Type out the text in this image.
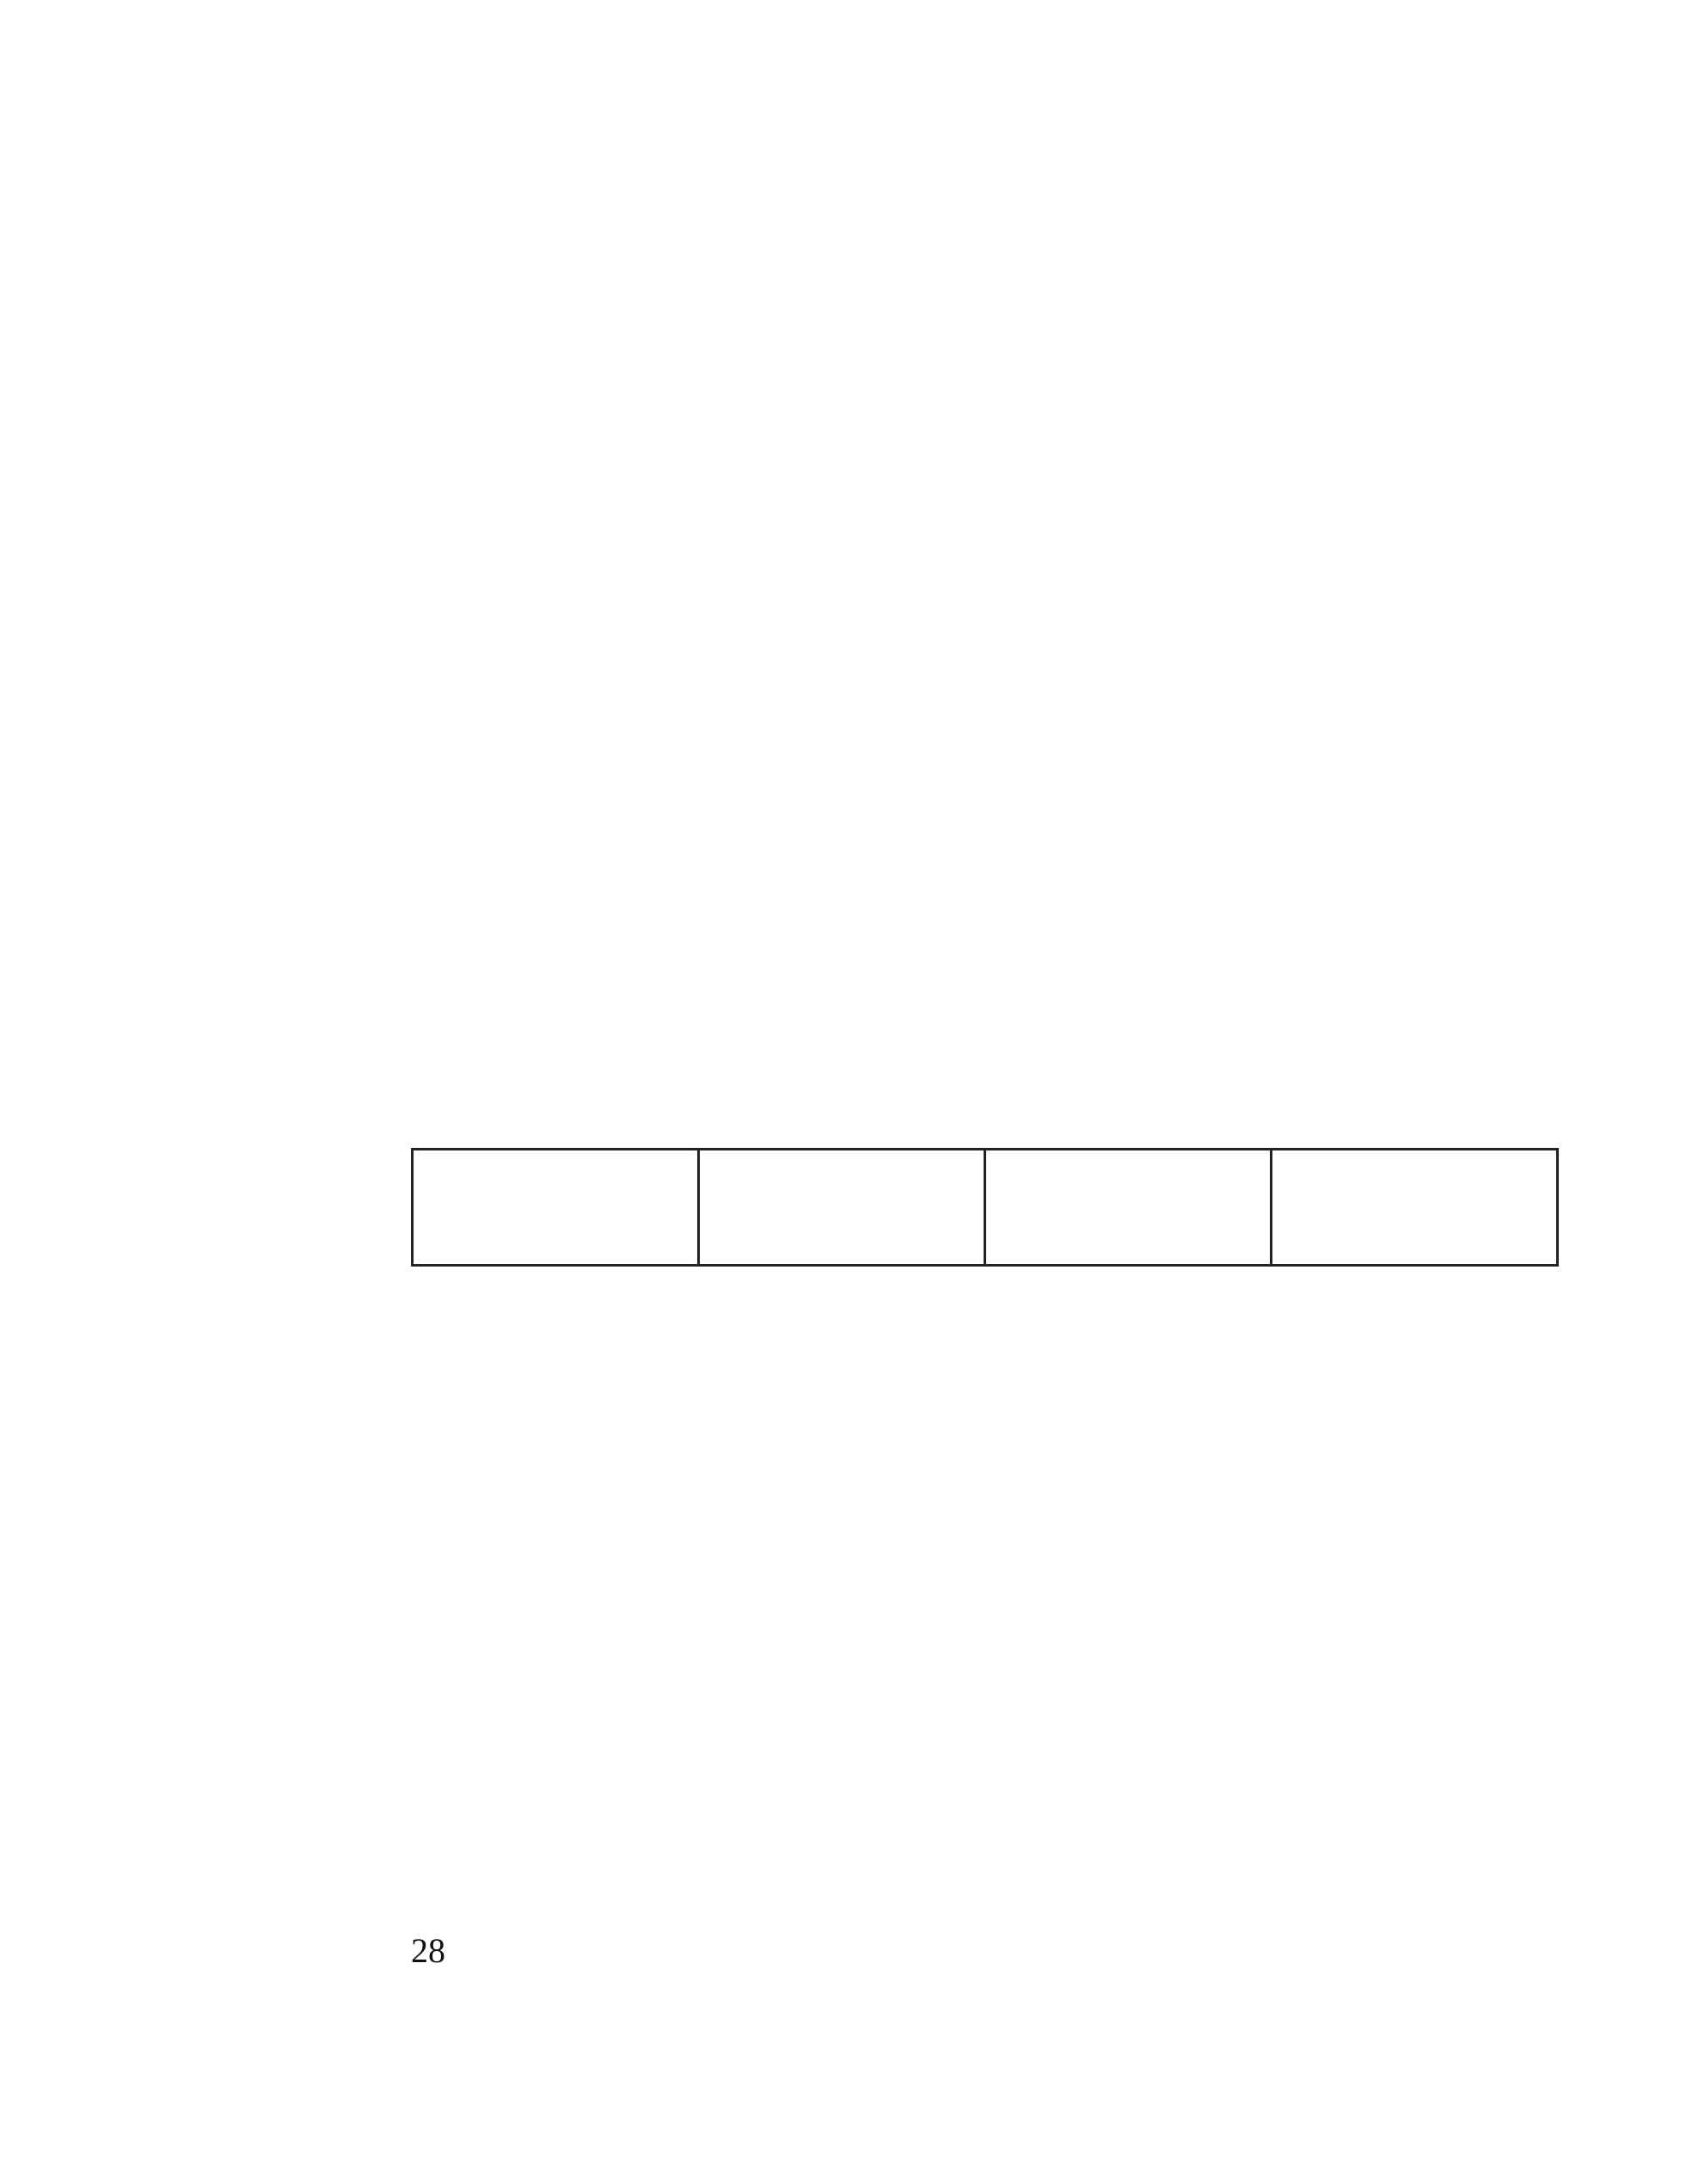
28
